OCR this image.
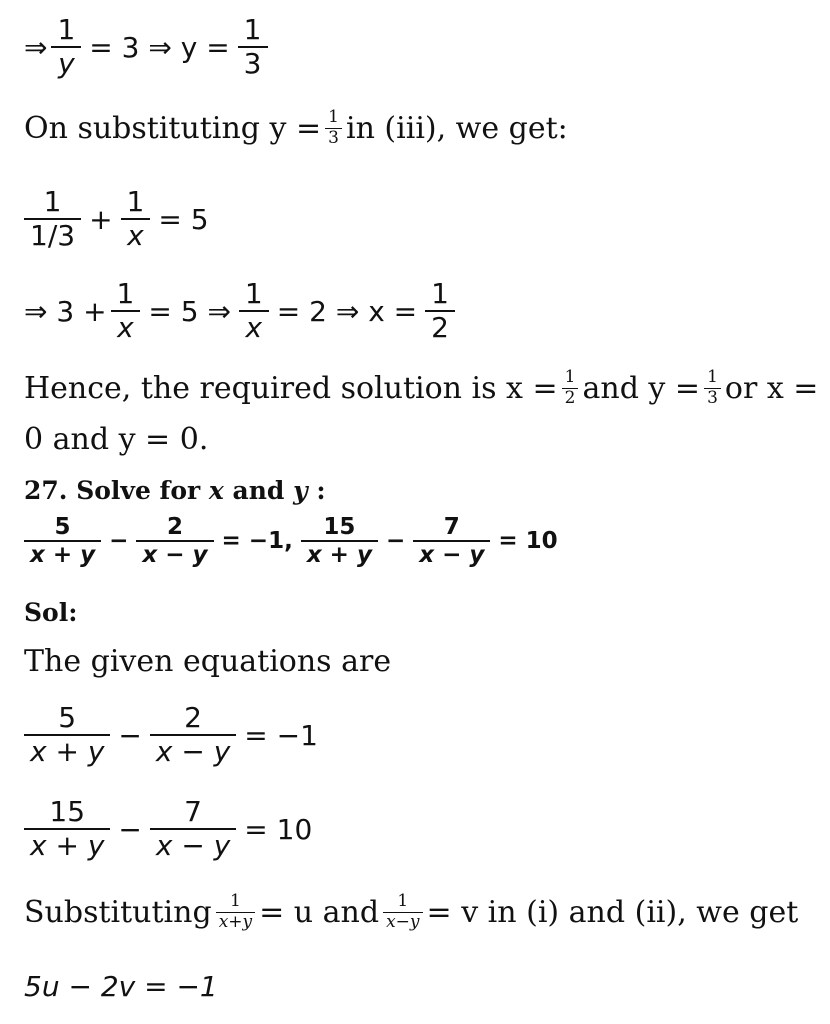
⇒ $\frac{1}{y} = 3$ ⇒ $y = \frac{1}{3}$
On substituting $y = \frac{1}{3}$ in (iii), we get:
$\frac{1}{1/3} + \frac{1}{x} = 5$
⇒ $3 + \frac{1}{x} = 5$ ⇒ $\frac{1}{x} = 2$ ⇒ $x = \frac{1}{2}$
Hence, the required solution is $x = \frac{1}{2}$ and $y = \frac{1}{3}$ or x =
0 and y = 0.
27. Solve for
x
and
y
:
$\frac{5}{x + y} - \frac{2}{x - y} = -1$, $\frac{15}{x + y} - \frac{7}{x - y} = 10$
Sol:
The given equations are
$\frac{5}{x + y} - \frac{2}{x - y} = -1$
$\frac{15}{x + y} - \frac{7}{x - y} = 10$
Substituting $\frac{1}{x+y} = u$ and $\frac{1}{x-y} = v$ in (i) and (ii), we get
5u − 2v = −1
